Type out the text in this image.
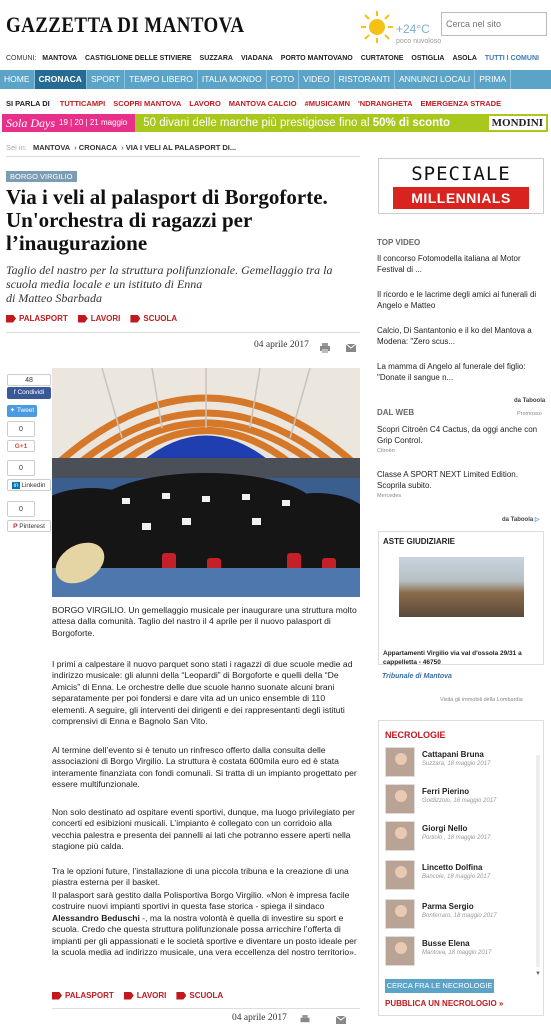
GAZZETTA DI MANTOVA	+24°C
poco nuvoloso
Cerca nel sito
COMUNI: MANTOVA CASTIGLIONE DELLE STIVIERE SUZZARA VIADANA PORTO MANTOVANO CURTATONE OSTIGLIA ASOLA TUTTI I COMUNI
HOME	CRONACA	SPORT	TEMPO LIBERO	ITALIA MONDO	FOTO	VIDEO	RISTORANTI	ANNUNCI LOCALI	PRIMA
SI PARLA DI TUTTICAMPI SCOPRI MANTOVA LAVORO MANTOVA CALCIO #MUSICAMN 'NDRANGHETA EMERGENZA STRADE
Sola Days 19 | 20 | 21 maggio	50 divani delle marche più prestigiose fino al 50% di sconto	MONDINI
Sei in: MANTOVA › CRONACA › VIA I VELI AL PALASPORT DI...
BORGO VIRGILIO
Via i veli al palasport di Borgoforte. Un'orchestra di ragazzi per l’inaugurazione
Taglio del nastro per la struttura polifunzionale. Gemellaggio tra la scuola media locale e un istituto di Enna
di Matteo Sbarbada
PALASPORT	LAVORI	SCUOLA
04 aprile 2017
48
f Condividi
✦ Tweet
0
G+1
0
in Linkedin
0
P Pinterest

BORGO VIRGILIO. Un gemellaggio musicale per inaugurare una struttura molto attesa dalla comunità. Taglio del nastro il 4 aprile per il nuovo palasport di Borgoforte.

I primi a calpestare il nuovo parquet sono stati i ragazzi di due scuole medie ad indirizzo musicale: gli alunni della “Leopardi” di Borgoforte e quelli della “De Amicis” di Enna. Le orchestre delle due scuole hanno suonate alcuni brani separatamente per poi fondersi e dare vita ad un unico ensemble di 110 elementi. A seguire, gli interventi dei dirigenti e dei rappresentanti degli istituti comprensivi di Enna e Bagnolo San Vito.

Al termine dell’evento si è tenuto un rinfresco offerto dalla consulta delle associazioni di Borgo Virgilio. La struttura è costata 600mila euro ed è stata interamente finanziata con fondi comunali. Si tratta di un impianto progettato per essere multifunzionale.

Non solo destinato ad ospitare eventi sportivi, dunque, ma luogo privilegiato per concerti ed esibizioni musicali. L’impianto è collegato con un corridoio alla vecchia palestra e presenta dei pannelli ai lati che potranno essere aperti nella stagione più calda.

Tra le opzioni future, l’installazione di una piccola tribuna e la creazione di una piastra esterna per il basket.

Il palasport sarà gestito dalla Polisportiva Borgo Virgilio. «Non è impresa facile costruire nuovi impianti sportivi in questa fase storica - spiega il sindaco Alessandro Beduschi -, ma la nostra volontà è quella di investire su sport e scuola. Credo che questa struttura polifunzionale possa arricchire l’offerta di impianti per gli appassionati e le società sportive e diventare un posto ideale per la scuola media ad indirizzo musicale, una vera eccellenza del nostro territorio».

PALASPORT	LAVORI	SCUOLA
04 aprile 2017
SPECIALE
MILLENNIALS
TOP VIDEO
Il concorso Fotomodella italiana al Motor Festival di ...
Il ricordo e le lacrime degli amici ai funerali di Angelo e Matteo
Calcio, Di Santantonio e il ko del Mantova a Modena: "Zero scus...
La mamma di Angelo al funerale del figlio: "Donate il sangue n...
da Taboola
DAL WEB	Promosso
Scopri Citroën C4 Cactus, da oggi anche con Grip Control.
Citroën
Classe A SPORT NEXT Limited Edition. Scoprila subito.
Mercedes
da Taboola ▷
ASTE GIUDIZIARIE
Appartamenti Virgilio via val d'ossola 29/31 a cappelletta - 46750
Tribunale di Mantova
Visita gli immobili della Lombardia
NECROLOGIE
Cattapani Bruna
Suzzara, 18 maggio 2017
Ferri Pierino
Goldizzolo, 18 maggio 2017
Giorgi Nello
Portiolo , 18 maggio 2017
Lincetto Dolfina
Bancole, 18 maggio 2017
Parma Sergio
Bonferraro, 18 maggio 2017
Busse Elena
Mantova, 18 maggio 2017
▼
CERCA FRA LE NECROLOGIE
PUBBLICA UN NECROLOGIO »
